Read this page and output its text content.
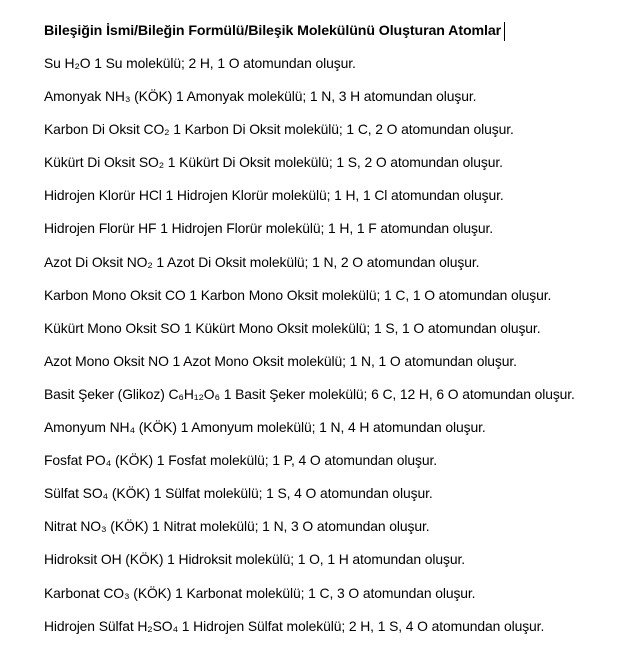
Bileşiğin İsmi/Bileğin Formülü/Bileşik Molekülünü Oluşturan Atomlar
Su H₂O 1 Su molekülü; 2 H, 1 O atomundan oluşur.
Amonyak NH₃ (KÖK) 1 Amonyak molekülü; 1 N, 3 H atomundan oluşur.
Karbon Di Oksit CO₂ 1 Karbon Di Oksit molekülü; 1 C, 2 O atomundan oluşur.
Kükürt Di Oksit SO₂ 1 Kükürt Di Oksit molekülü; 1 S, 2 O atomundan oluşur.
Hidrojen Klorür HCl 1 Hidrojen Klorür molekülü; 1 H, 1 Cl atomundan oluşur.
Hidrojen Florür HF 1 Hidrojen Florür molekülü; 1 H, 1 F atomundan oluşur.
Azot Di Oksit NO₂ 1 Azot Di Oksit molekülü; 1 N, 2 O atomundan oluşur.
Karbon Mono Oksit CO 1 Karbon Mono Oksit molekülü; 1 C, 1 O atomundan oluşur.
Kükürt Mono Oksit SO 1 Kükürt Mono Oksit molekülü; 1 S, 1 O atomundan oluşur.
Azot Mono Oksit NO 1 Azot Mono Oksit molekülü; 1 N, 1 O atomundan oluşur.
Basit Şeker (Glikoz) C₆H₁₂O₆ 1 Basit Şeker molekülü; 6 C, 12 H, 6 O atomundan oluşur.
Amonyum NH₄ (KÖK) 1 Amonyum molekülü; 1 N, 4 H atomundan oluşur.
Fosfat PO₄ (KÖK) 1 Fosfat molekülü; 1 P, 4 O atomundan oluşur.
Sülfat SO₄ (KÖK) 1 Sülfat molekülü; 1 S, 4 O atomundan oluşur.
Nitrat NO₃ (KÖK) 1 Nitrat molekülü; 1 N, 3 O atomundan oluşur.
Hidroksit OH (KÖK) 1 Hidroksit molekülü; 1 O, 1 H atomundan oluşur.
Karbonat CO₃ (KÖK) 1 Karbonat molekülü; 1 C, 3 O atomundan oluşur.
Hidrojen Sülfat H₂SO₄ 1 Hidrojen Sülfat molekülü; 2 H, 1 S, 4 O atomundan oluşur.
